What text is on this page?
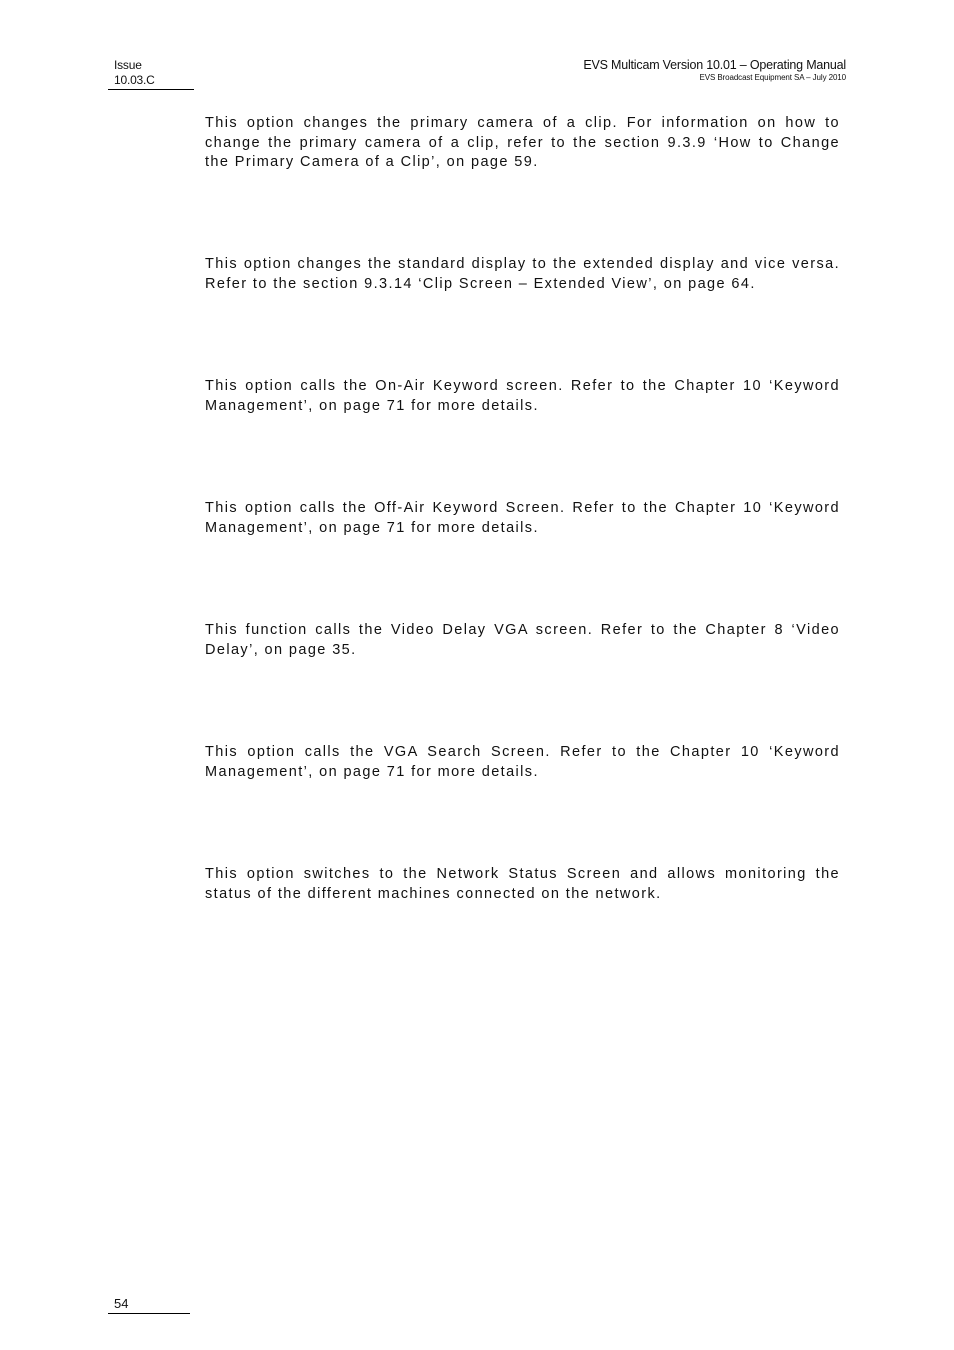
Issue
10.03.C
EVS Multicam Version 10.01 – Operating Manual
EVS Broadcast Equipment SA – July 2010

This option changes the primary camera of a clip. For information on how to change the primary camera of a clip, refer to the section 9.3.9 ‘How to Change the Primary Camera of a Clip’, on page 59.

This option changes the standard display to the extended display and vice versa. Refer to the section 9.3.14 ‘Clip Screen – Extended View’, on page 64.

This option calls the On-Air Keyword screen. Refer to the Chapter 10 ‘Keyword Management’, on page 71 for more details.

This option calls the Off-Air Keyword Screen. Refer to the Chapter 10 ‘Keyword Management’, on page 71 for more details.

This function calls the Video Delay VGA screen. Refer to the Chapter 8 ‘Video Delay’, on page 35.

This option calls the VGA Search Screen. Refer to the Chapter 10 ‘Keyword Management’, on page 71 for more details.

This option switches to the Network Status Screen and allows monitoring the status of the different machines connected on the network.

54
